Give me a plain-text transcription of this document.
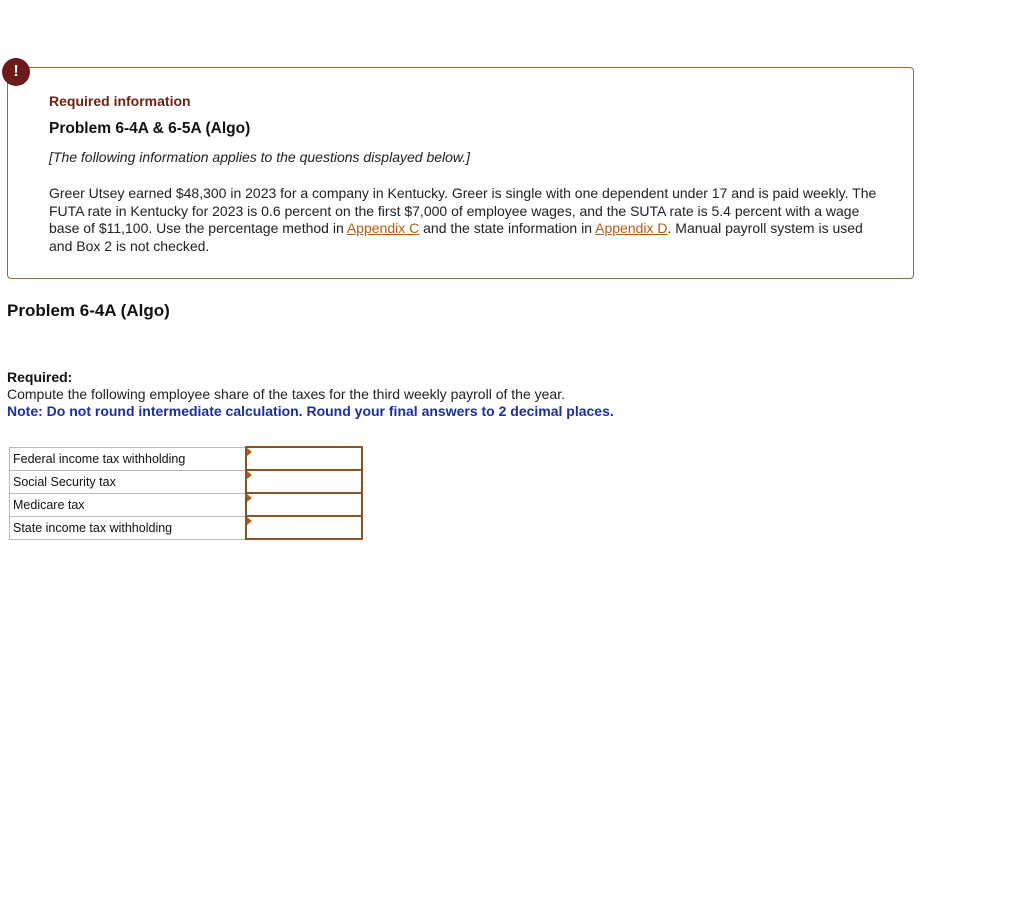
!
Required information
Problem 6-4A & 6-5A (Algo)
[The following information applies to the questions displayed below.]
Greer Utsey earned $48,300 in 2023 for a company in Kentucky. Greer is single with one dependent under 17 and is paid weekly. The FUTA rate in Kentucky for 2023 is 0.6 percent on the first $7,000 of employee wages, and the SUTA rate is 5.4 percent with a wage base of $11,100. Use the percentage method in Appendix C and the state information in Appendix D. Manual payroll system is used and Box 2 is not checked.
Problem 6-4A (Algo)
Required:
Compute the following employee share of the taxes for the third weekly payroll of the year.
Note: Do not round intermediate calculation. Round your final answers to 2 decimal places.
Federal income tax withholding	

Social Security tax	

Medicare tax	

State income tax withholding	
